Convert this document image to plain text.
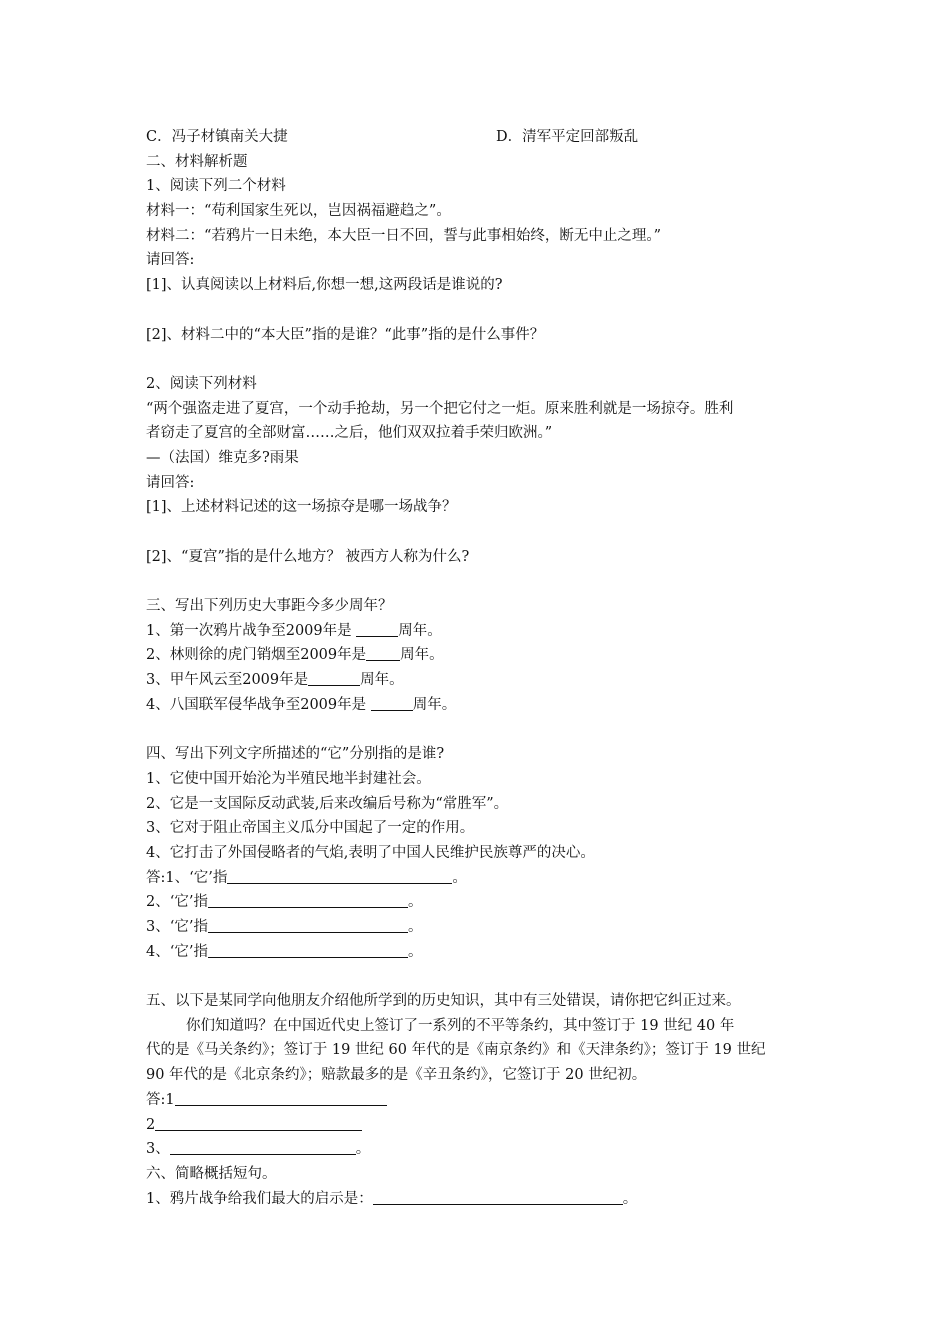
C．冯子材镇南关大捷	D．清军平定回部叛乱
二、材料解析题
1、阅读下列二个材料
材料一：“苟利国家生死以，岂因祸福避趋之”。
材料二：“若鸦片一日未绝，本大臣一日不回，誓与此事相始终，断无中止之理。”
请回答:
[1]、认真阅读以上材料后,你想一想,这两段话是谁说的?
[2]、材料二中的“本大臣”指的是谁？“此事”指的是什么事件？
2、阅读下列材料
“两个强盗走进了夏宫，一个动手抢劫，另一个把它付之一炬。原来胜利就是一场掠夺。胜利
者窃走了夏宫的全部财富……之后，他们双双拉着手荣归欧洲。”
—（法国）维克多?雨果
请回答:
[1]、上述材料记述的这一场掠夺是哪一场战争？
[2]、“夏宫”指的是什么地方？ 被西方人称为什么?
三、写出下列历史大事距今多少周年？
1、第一次鸦片战争至2009年是	周年。
2、林则徐的虎门销烟至2009年是 周年。
3、甲午风云至2009年是	周年。
4、八国联军侵华战争至2009年是	周年。
四、写出下列文字所描述的“它”分别指的是谁?
1、它使中国开始沦为半殖民地半封建社会。
2、它是一支国际反动武装,后来改编后号称为“常胜军”。
3、它对于阻止帝国主义瓜分中国起了一定的作用。
4、它打击了外国侵略者的气焰,表明了中国人民维护民族尊严的决心。
答:1、‘它’指	。
2、‘它’指	。
3、‘它’指	。
4、‘它’指	。
五、以下是某同学向他朋友介绍他所学到的历史知识，其中有三处错误，请你把它纠正过来。
你们知道吗？在中国近代史上签订了一系列的不平等条约，其中签订于 19 世纪 40 年
代的是《马关条约》；签订于 19 世纪 60 年代的是《南京条约》和《天津条约》；签订于 19 世纪
90 年代的是《北京条约》；赔款最多的是《辛丑条约》，它签订于 20 世纪初。
答:1
2
3、	。
六、简略概括短句。
1、鸦片战争给我们最大的启示是：	。
